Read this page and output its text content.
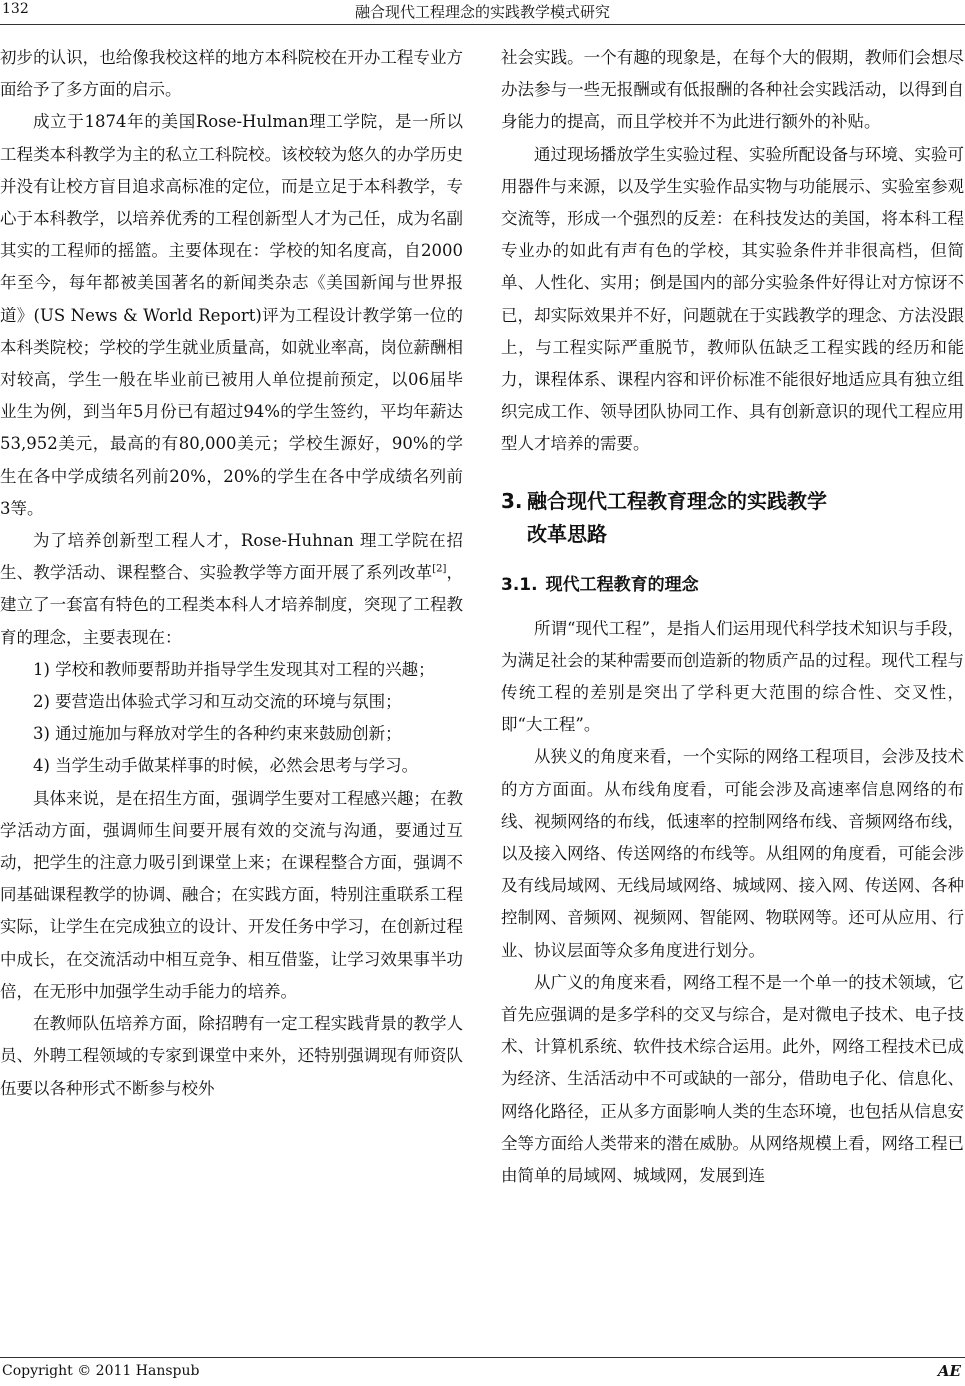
132	融合现代工程理念的实践教学模式研究

初步的认识，也给像我校这样的地方本科院校在开办工程专业方面给予了多方面的启示。

成立于1874年的美国Rose-Hulman理工学院，是一所以工程类本科教学为主的私立工科院校。该校较为悠久的办学历史并没有让校方盲目追求高标准的定位，而是立足于本科教学，专心于本科教学，以培养优秀的工程创新型人才为己任，成为名副其实的工程师的摇篮。主要体现在：学校的知名度高，自2000年至今，每年都被美国著名的新闻类杂志《美国新闻与世界报道》(US News & World Report)评为工程设计教学第一位的本科类院校；学校的学生就业质量高，如就业率高，岗位薪酬相对较高，学生一般在毕业前已被用人单位提前预定，以06届毕业生为例，到当年5月份已有超过94%的学生签约，平均年薪达53,952美元，最高的有80,000美元；学校生源好，90%的学生在各中学成绩名列前20%，20%的学生在各中学成绩名列前3等。

为了培养创新型工程人才，Rose-Huhnan 理工学院在招生、教学活动、课程整合、实验教学等方面开展了系列改革[2]，建立了一套富有特色的工程类本科人才培养制度，突现了工程教育的理念，主要表现在：

1) 学校和教师要帮助并指导学生发现其对工程的兴趣；

2) 要营造出体验式学习和互动交流的环境与氛围；

3) 通过施加与释放对学生的各种约束来鼓励创新；

4) 当学生动手做某样事的时候，必然会思考与学习。

具体来说，是在招生方面，强调学生要对工程感兴趣；在教学活动方面，强调师生间要开展有效的交流与沟通，要通过互动，把学生的注意力吸引到课堂上来；在课程整合方面，强调不同基础课程教学的协调、融合；在实践方面，特别注重联系工程实际，让学生在完成独立的设计、开发任务中学习，在创新过程中成长，在交流活动中相互竞争、相互借鉴，让学习效果事半功倍，在无形中加强学生动手能力的培养。

在教师队伍培养方面，除招聘有一定工程实践背景的教学人员、外聘工程领域的专家到课堂中来外，还特别强调现有师资队伍要以各种形式不断参与校外

社会实践。一个有趣的现象是，在每个大的假期，教师们会想尽办法参与一些无报酬或有低报酬的各种社会实践活动，以得到自身能力的提高，而且学校并不为此进行额外的补贴。

通过现场播放学生实验过程、实验所配设备与环境、实验可用器件与来源，以及学生实验作品实物与功能展示、实验室参观交流等，形成一个强烈的反差：在科技发达的美国，将本科工程专业办的如此有声有色的学校，其实验条件并非很高档，但简单、人性化、实用；倒是国内的部分实验条件好得让对方惊讶不已，却实际效果并不好，问题就在于实践教学的理念、方法没跟上，与工程实际严重脱节，教师队伍缺乏工程实践的经历和能力，课程体系、课程内容和评价标准不能很好地适应具有独立组织完成工作、领导团队协同工作、具有创新意识的现代工程应用型人才培养的需要。

3. 融合现代工程教育理念的实践教学
改革思路
3.1. 现代工程教育的理念

所谓“现代工程”，是指人们运用现代科学技术知识与手段，为满足社会的某种需要而创造新的物质产品的过程。现代工程与传统工程的差别是突出了学科更大范围的综合性、交叉性，即“大工程”。

从狭义的角度来看，一个实际的网络工程项目，会涉及技术的方方面面。从布线角度看，可能会涉及高速率信息网络的布线、视频网络的布线，低速率的控制网络布线、音频网络布线，以及接入网络、传送网络的布线等。从组网的角度看，可能会涉及有线局域网、无线局域网络、城域网、接入网、传送网、各种控制网、音频网、视频网、智能网、物联网等。还可从应用、行业、协议层面等众多角度进行划分。

从广义的角度来看，网络工程不是一个单一的技术领域，它首先应强调的是多学科的交叉与综合，是对微电子技术、电子技术、计算机系统、软件技术综合运用。此外，网络工程技术已成为经济、生活活动中不可或缺的一部分，借助电子化、信息化、网络化路径，正从多方面影响人类的生态环境，也包括从信息安全等方面给人类带来的潜在威胁。从网络规模上看，网络工程已由简单的局域网、城域网，发展到连

Copyright © 2011 Hanspub	AE
